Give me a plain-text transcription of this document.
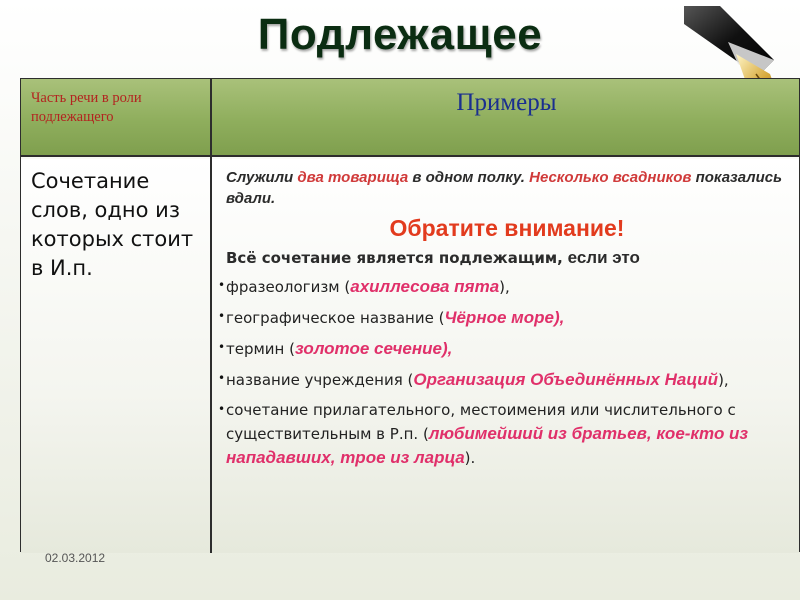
Подлежащее
Часть речи в роли подлежащего
Примеры
Сочетание слов, одно из которых стоит в И.п.
Служили два товарища в одном полку. Несколько всадников показались вдали.
Обратите внимание!
Всё сочетание является подлежащим, если это
• фразеологизм (ахиллесова пята),
• географическое название (Чёрное море),
• термин (золотое сечение),
• название учреждения (Организация Объединённых Наций),
• сочетание прилагательного, местоимения или числительного с существительным в Р.п. (любимейший из братьев, кое-кто из нападавших, трое из ларца).
02.03.2012
